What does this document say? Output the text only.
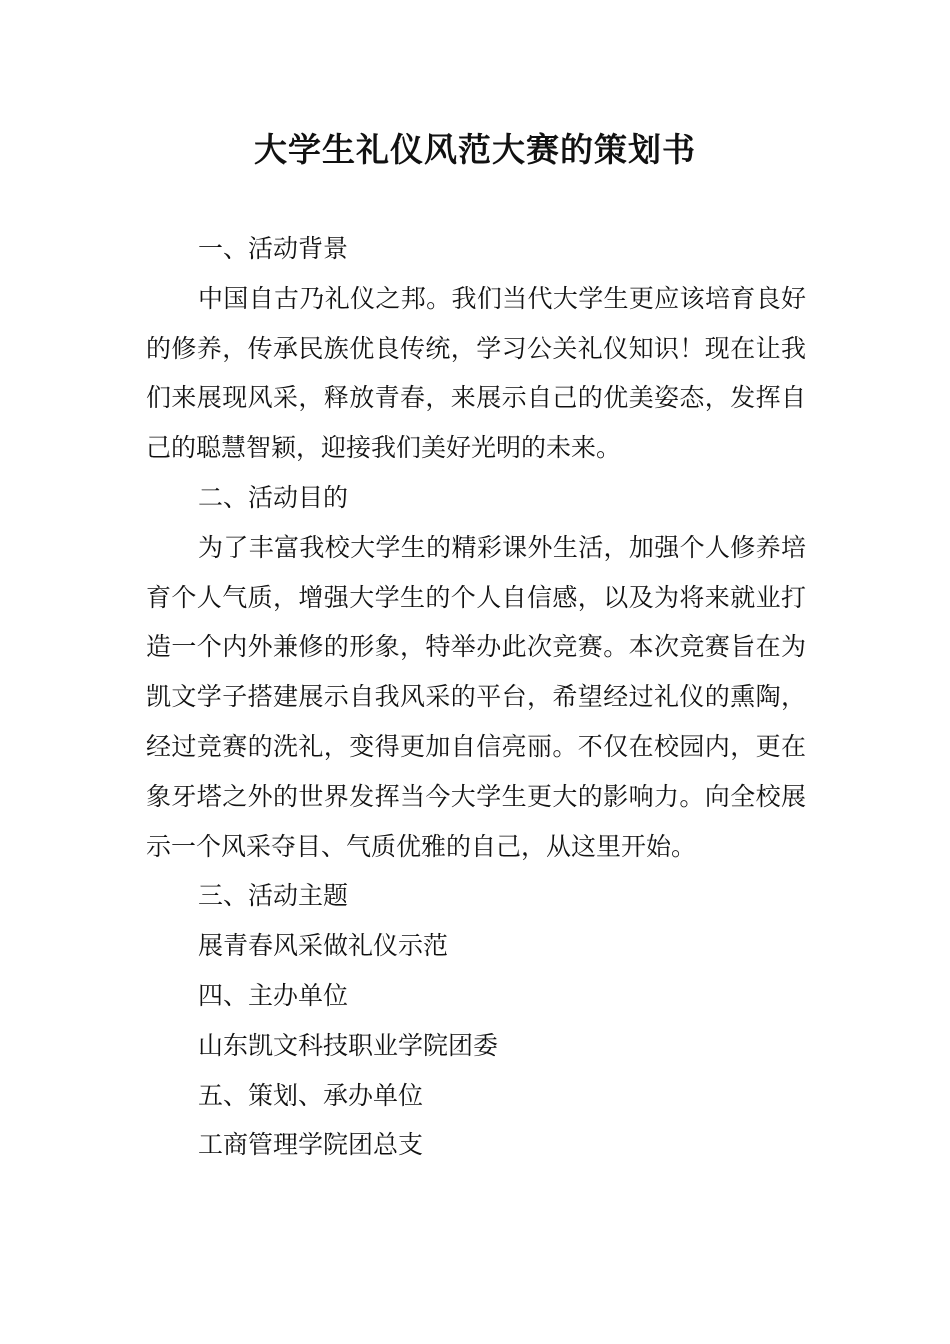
大学生礼仪风范大赛的策划书

一、活动背景

中国自古乃礼仪之邦。我们当代大学生更应该培育良好的修养，传承民族优良传统，学习公关礼仪知识！现在让我们来展现风采，释放青春，来展示自己的优美姿态，发挥自己的聪慧智颖，迎接我们美好光明的未来。

二、活动目的

为了丰富我校大学生的精彩课外生活，加强个人修养培育个人气质，增强大学生的个人自信感，以及为将来就业打造一个内外兼修的形象，特举办此次竞赛。本次竞赛旨在为凯文学子搭建展示自我风采的平台，希望经过礼仪的熏陶，经过竞赛的洗礼，变得更加自信亮丽。不仅在校园内，更在象牙塔之外的世界发挥当今大学生更大的影响力。向全校展示一个风采夺目、气质优雅的自己，从这里开始。

三、活动主题

展青春风采做礼仪示范

四、主办单位

山东凯文科技职业学院团委

五、策划、承办单位

工商管理学院团总支
